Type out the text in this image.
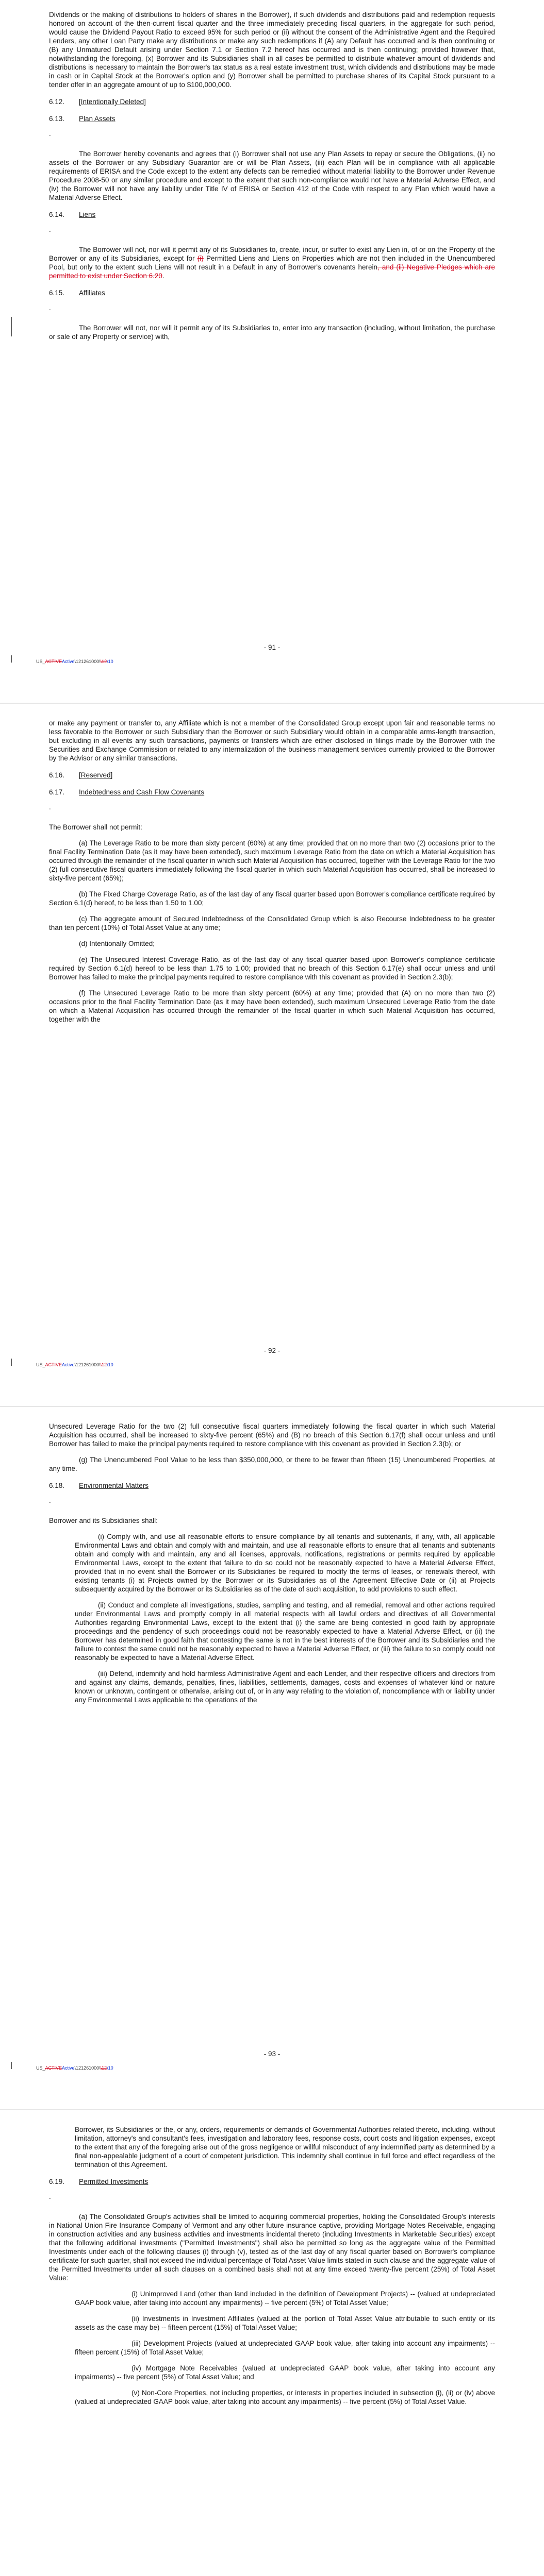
Dividends or the making of distributions to holders of shares in the Borrower), if such dividends and distributions paid and redemption requests honored on account of the then-current fiscal quarter and the three immediately preceding fiscal quarters, in the aggregate for such period, would cause the Dividend Payout Ratio to exceed 95% for such period or (ii) without the consent of the Administrative Agent and the Required Lenders, any other Loan Party make any distributions or make any such redemptions if (A) any Default has occurred and is then continuing or (B) any Unmatured Default arising under Section 7.1 or Section 7.2 hereof has occurred and is then continuing; provided however that, notwithstanding the foregoing, (x) Borrower and its Subsidiaries shall in all cases be permitted to distribute whatever amount of dividends and distributions is necessary to maintain the Borrower's tax status as a real estate investment trust, which dividends and distributions may be made in cash or in Capital Stock at the Borrower's option and (y) Borrower shall be permitted to purchase shares of its Capital Stock pursuant to a tender offer in an aggregate amount of up to $100,000,000.

6.12. [Intentionally Deleted]

6.13. Plan Assets

.

The Borrower hereby covenants and agrees that (i) Borrower shall not use any Plan Assets to repay or secure the Obligations, (ii) no assets of the Borrower or any Subsidiary Guarantor are or will be Plan Assets, (iii) each Plan will be in compliance with all applicable requirements of ERISA and the Code except to the extent any defects can be remedied without material liability to the Borrower under Revenue Procedure 2008-50 or any similar procedure and except to the extent that such non-compliance would not have a Material Adverse Effect, and (iv) the Borrower will not have any liability under Title IV of ERISA or Section 412 of the Code with respect to any Plan which would have a Material Adverse Effect.

6.14. Liens

.

The Borrower will not, nor will it permit any of its Subsidiaries to, create, incur, or suffer to exist any Lien in, of or on the Property of the Borrower or any of its Subsidiaries, except for (i) Permitted Liens and Liens on Properties which are not then included in the Unencumbered Pool, but only to the extent such Liens will not result in a Default in any of Borrower's covenants herein, and (ii) Negative Pledges which are permitted to exist under Section 6.20.

6.15. Affiliates

.

The Borrower will not, nor will it permit any of its Subsidiaries to, enter into any transaction (including, without limitation, the purchase or sale of any Property or service) with,

- 91 -
US_ACTIVEActive\121261000\\12\10

or make any payment or transfer to, any Affiliate which is not a member of the Consolidated Group except upon fair and reasonable terms no less favorable to the Borrower or such Subsidiary than the Borrower or such Subsidiary would obtain in a comparable arms-length transaction, but excluding in all events any such transactions, payments or transfers which are either disclosed in filings made by the Borrower with the Securities and Exchange Commission or related to any internalization of the business management services currently provided to the Borrower by the Advisor or any similar transactions.

6.16. [Reserved]

6.17. Indebtedness and Cash Flow Covenants

.

The Borrower shall not permit:

(a) The Leverage Ratio to be more than sixty percent (60%) at any time; provided that on no more than two (2) occasions prior to the final Facility Termination Date (as it may have been extended), such maximum Leverage Ratio from the date on which a Material Acquisition has occurred through the remainder of the fiscal quarter in which such Material Acquisition has occurred, together with the Leverage Ratio for the two (2) full consecutive fiscal quarters immediately following the fiscal quarter in which such Material Acquisition has occurred, shall be increased to sixty-five percent (65%);

(b) The Fixed Charge Coverage Ratio, as of the last day of any fiscal quarter based upon Borrower's compliance certificate required by Section 6.1(d) hereof, to be less than 1.50 to 1.00;

(c) The aggregate amount of Secured Indebtedness of the Consolidated Group which is also Recourse Indebtedness to be greater than ten percent (10%) of Total Asset Value at any time;

(d) Intentionally Omitted;

(e) The Unsecured Interest Coverage Ratio, as of the last day of any fiscal quarter based upon Borrower's compliance certificate required by Section 6.1(d) hereof to be less than 1.75 to 1.00; provided that no breach of this Section 6.17(e) shall occur unless and until Borrower has failed to make the principal payments required to restore compliance with this covenant as provided in Section 2.3(b);

(f) The Unsecured Leverage Ratio to be more than sixty percent (60%) at any time; provided that (A) on no more than two (2) occasions prior to the final Facility Termination Date (as it may have been extended), such maximum Unsecured Leverage Ratio from the date on which a Material Acquisition has occurred through the remainder of the fiscal quarter in which such Material Acquisition has occurred, together with the

- 92 -
US_ACTIVEActive\121261000\\12\10

Unsecured Leverage Ratio for the two (2) full consecutive fiscal quarters immediately following the fiscal quarter in which such Material Acquisition has occurred, shall be increased to sixty-five percent (65%) and (B) no breach of this Section 6.17(f) shall occur unless and until Borrower has failed to make the principal payments required to restore compliance with this covenant as provided in Section 2.3(b); or

(g) The Unencumbered Pool Value to be less than $350,000,000, or there to be fewer than fifteen (15) Unencumbered Properties, at any time.

6.18. Environmental Matters

.

Borrower and its Subsidiaries shall:

(i) Comply with, and use all reasonable efforts to ensure compliance by all tenants and subtenants, if any, with, all applicable Environmental Laws and obtain and comply with and maintain, and use all reasonable efforts to ensure that all tenants and subtenants obtain and comply with and maintain, any and all licenses, approvals, notifications, registrations or permits required by applicable Environmental Laws, except to the extent that failure to do so could not be reasonably expected to have a Material Adverse Effect, provided that in no event shall the Borrower or its Subsidiaries be required to modify the terms of leases, or renewals thereof, with existing tenants (i) at Projects owned by the Borrower or its Subsidiaries as of the Agreement Effective Date or (ii) at Projects subsequently acquired by the Borrower or its Subsidiaries as of the date of such acquisition, to add provisions to such effect.

(ii) Conduct and complete all investigations, studies, sampling and testing, and all remedial, removal and other actions required under Environmental Laws and promptly comply in all material respects with all lawful orders and directives of all Governmental Authorities regarding Environmental Laws, except to the extent that (i) the same are being contested in good faith by appropriate proceedings and the pendency of such proceedings could not be reasonably expected to have a Material Adverse Effect, or (ii) the Borrower has determined in good faith that contesting the same is not in the best interests of the Borrower and its Subsidiaries and the failure to contest the same could not be reasonably expected to have a Material Adverse Effect, or (iii) the failure to so comply could not reasonably be expected to have a Material Adverse Effect.

(iii) Defend, indemnify and hold harmless Administrative Agent and each Lender, and their respective officers and directors from and against any claims, demands, penalties, fines, liabilities, settlements, damages, costs and expenses of whatever kind or nature known or unknown, contingent or otherwise, arising out of, or in any way relating to the violation of, noncompliance with or liability under any Environmental Laws applicable to the operations of the

- 93 -
US_ACTIVEActive\121261000\\12\10

Borrower, its Subsidiaries or the, or any, orders, requirements or demands of Governmental Authorities related thereto, including, without limitation, attorney's and consultant's fees, investigation and laboratory fees, response costs, court costs and litigation expenses, except to the extent that any of the foregoing arise out of the gross negligence or willful misconduct of any indemnified party as determined by a final non-appealable judgment of a court of competent jurisdiction. This indemnity shall continue in full force and effect regardless of the termination of this Agreement.

6.19. Permitted Investments

.

(a) The Consolidated Group's activities shall be limited to acquiring commercial properties, holding the Consolidated Group's interests in National Union Fire Insurance Company of Vermont and any other future insurance captive, providing Mortgage Notes Receivable, engaging in construction activities and any business activities and investments incidental thereto (including Investments in Marketable Securities) except that the following additional investments ("Permitted Investments") shall also be permitted so long as the aggregate value of the Permitted Investments under each of the following clauses (i) through (v), tested as of the last day of any fiscal quarter based on Borrower's compliance certificate for such quarter, shall not exceed the individual percentage of Total Asset Value limits stated in such clause and the aggregate value of the Permitted Investments under all such clauses on a combined basis shall not at any time exceed twenty-five percent (25%) of Total Asset Value:

(i) Unimproved Land (other than land included in the definition of Development Projects) -- (valued at undepreciated GAAP book value, after taking into account any impairments) -- five percent (5%) of Total Asset Value;

(ii) Investments in Investment Affiliates (valued at the portion of Total Asset Value attributable to such entity or its assets as the case may be) -- fifteen percent (15%) of Total Asset Value;

(iii) Development Projects (valued at undepreciated GAAP book value, after taking into account any impairments) -- fifteen percent (15%) of Total Asset Value;

(iv) Mortgage Note Receivables (valued at undepreciated GAAP book value, after taking into account any impairments) -- five percent (5%) of Total Asset Value; and

(v) Non-Core Properties, not including properties, or interests in properties included in subsection (i), (ii) or (iv) above (valued at undepreciated GAAP book value, after taking into account any impairments) -- five percent (5%) of Total Asset Value.
